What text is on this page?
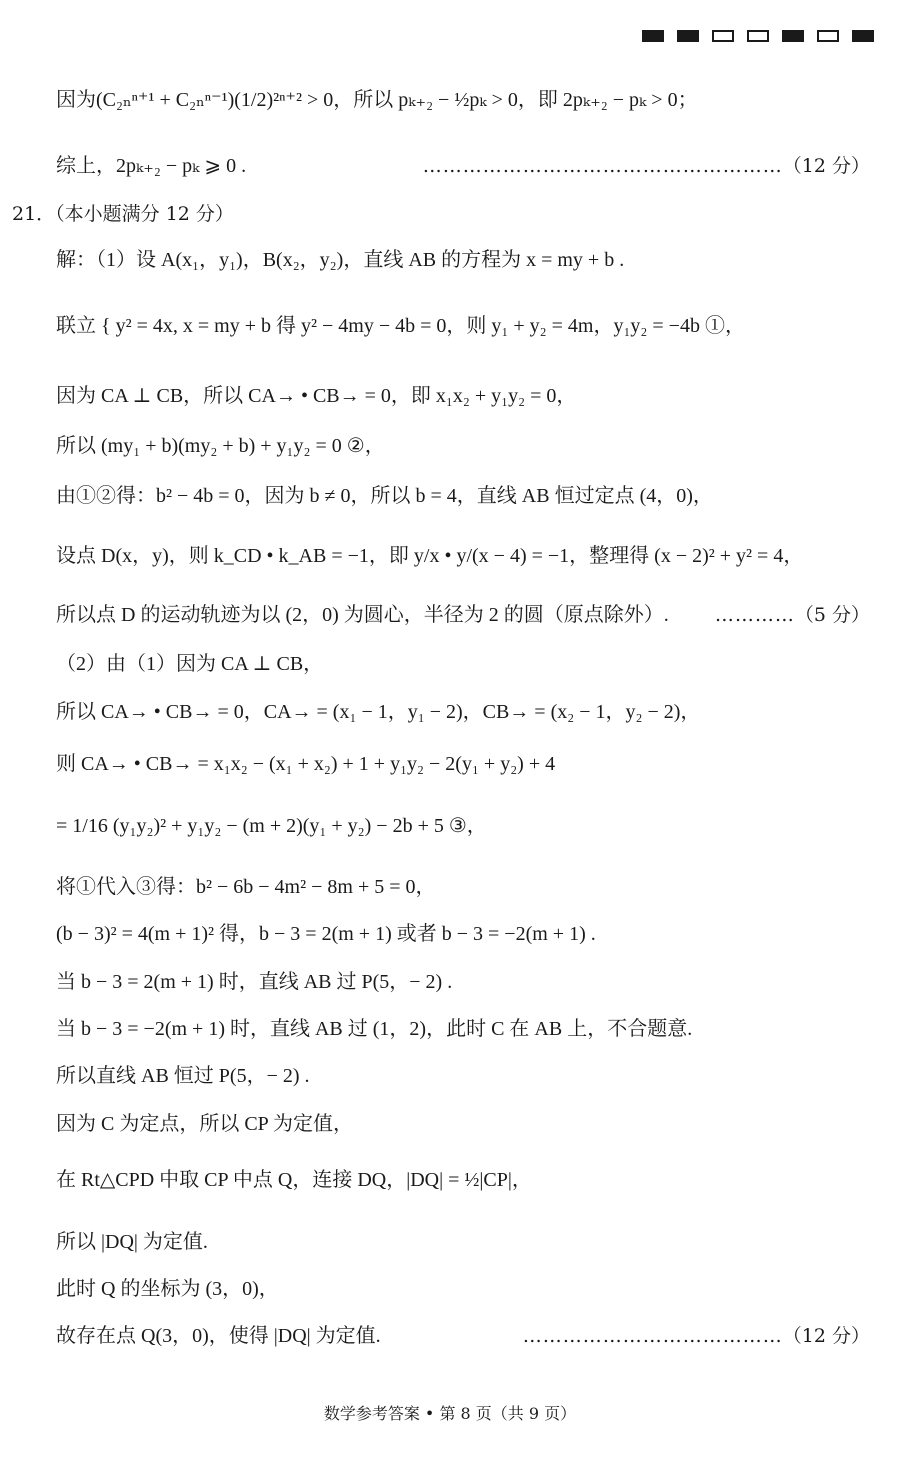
因为(C₂ₙⁿ⁺¹ + C₂ₙⁿ⁻¹)(1/2)²ⁿ⁺² > 0，所以 pₖ₊₂ − ½pₖ > 0，即 2pₖ₊₂ − pₖ > 0；
综上，2pₖ₊₂ − pₖ ⩾ 0 .	……………………………………………… （12 分）
21．（本小题满分 12 分）
解：（1）设 A(x₁，y₁)，B(x₂，y₂)，直线 AB 的方程为 x = my + b .
联立 { y² = 4x, x = my + b 得 y² − 4my − 4b = 0，则 y₁ + y₂ = 4m，y₁y₂ = −4b ①，
因为 CA ⊥ CB，所以 CA→ • CB→ = 0，即 x₁x₂ + y₁y₂ = 0，
所以 (my₁ + b)(my₂ + b) + y₁y₂ = 0 ②，
由①②得：b² − 4b = 0，因为 b ≠ 0，所以 b = 4，直线 AB 恒过定点 (4，0)，
设点 D(x，y)，则 k_CD • k_AB = −1，即 y/x • y/(x − 4) = −1，整理得 (x − 2)² + y² = 4，
所以点 D 的运动轨迹为以 (2，0) 为圆心，半径为 2 的圆（原点除外）.	………… （5 分）
（2）由（1）因为 CA ⊥ CB，
所以 CA→ • CB→ = 0，CA→ = (x₁ − 1，y₁ − 2)，CB→ = (x₂ − 1，y₂ − 2)，
则 CA→ • CB→ = x₁x₂ − (x₁ + x₂) + 1 + y₁y₂ − 2(y₁ + y₂) + 4
= 1/16 (y₁y₂)² + y₁y₂ − (m + 2)(y₁ + y₂) − 2b + 5 ③，
将①代入③得：b² − 6b − 4m² − 8m + 5 = 0，
(b − 3)² = 4(m + 1)² 得，b − 3 = 2(m + 1) 或者 b − 3 = −2(m + 1) .
当 b − 3 = 2(m + 1) 时，直线 AB 过 P(5，− 2) .
当 b − 3 = −2(m + 1) 时，直线 AB 过 (1，2)，此时 C 在 AB 上，不合题意.
所以直线 AB 恒过 P(5，− 2) .
因为 C 为定点，所以 CP 为定值，
在 Rt△CPD 中取 CP 中点 Q，连接 DQ，|DQ| = ½|CP|，
所以 |DQ| 为定值.
此时 Q 的坐标为 (3，0)，
故存在点 Q(3，0)，使得 |DQ| 为定值.	………………………………… （12 分）
数学参考答案 • 第 8 页（共 9 页）
